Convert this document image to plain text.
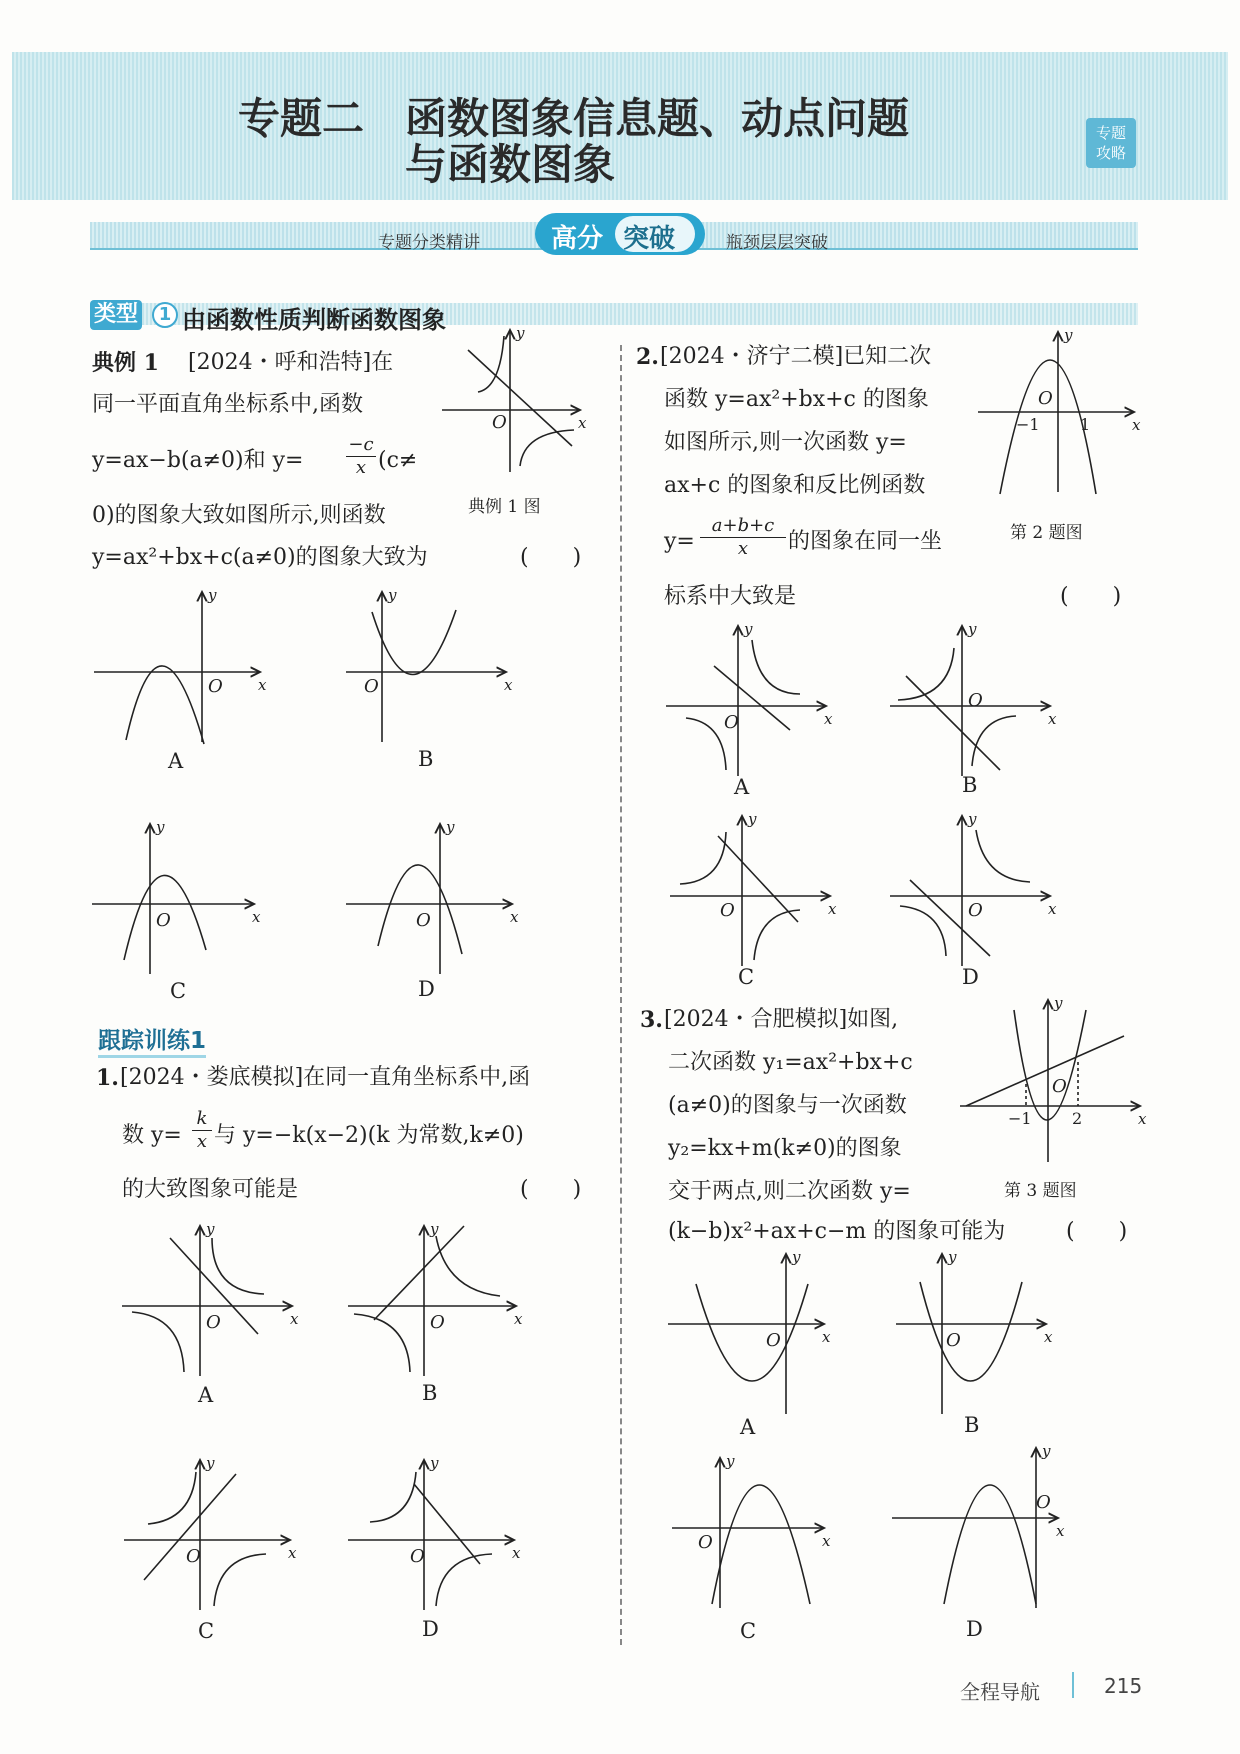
专题二 函数图象信息题、动点问题
与函数图象
专题
攻略
专题分类精讲	高分 突破	瓶颈层层突破
类型	1 由函数性质判断函数图象
典例 1 [2024・呼和浩特]在
同一平面直角坐标系中,函数
y=ax−b(a≠0)和 $y= \frac{-c}{x} (c\ne$
0)的图象大致如图所示,则函数
y=ax²+bx+c(a≠0)的图象大致为	(　　)
典例 1 图
跟踪训练1
1. [2024・娄底模拟]在同一直角坐标系中,函
数 $y= \frac{k}{x}$ 与 y=−k(x−2)(k 为常数,k≠0)
的大致图象可能是	(　　)
2. [2024・济宁二模]已知二次
函数 y=ax²+bx+c 的图象
如图所示,则一次函数 y=
ax+c 的图象和反比例函数
$y= \frac{a+b+c}{x}$ 的图象在同一坐
标系中大致是	(　　)
第 2 题图
3. [2024・合肥模拟]如图,
二次函数 y₁=ax²+bx+c
(a≠0)的图象与一次函数
y₂=kx+m(k≠0)的图象
交于两点,则二次函数 y=
(k−b)x²+ax+c−m 的图象可能为	(　　)
第 3 题图
x
y
O
x
y
O
A
x
y
O
B
x
y
O
C
x
y
O
D
x
y
O
A
x
y
O
B
x
y
O
C
x
y
O
D
x
y
O
−1	1
x
y
O
A
x
y
O
B
x
y
O
C
x
y
O
D
x
y
O
−1	2
x
y
O
A
x
y
O
B
x
y
O
C
x
y
O
D
全程导航	215
